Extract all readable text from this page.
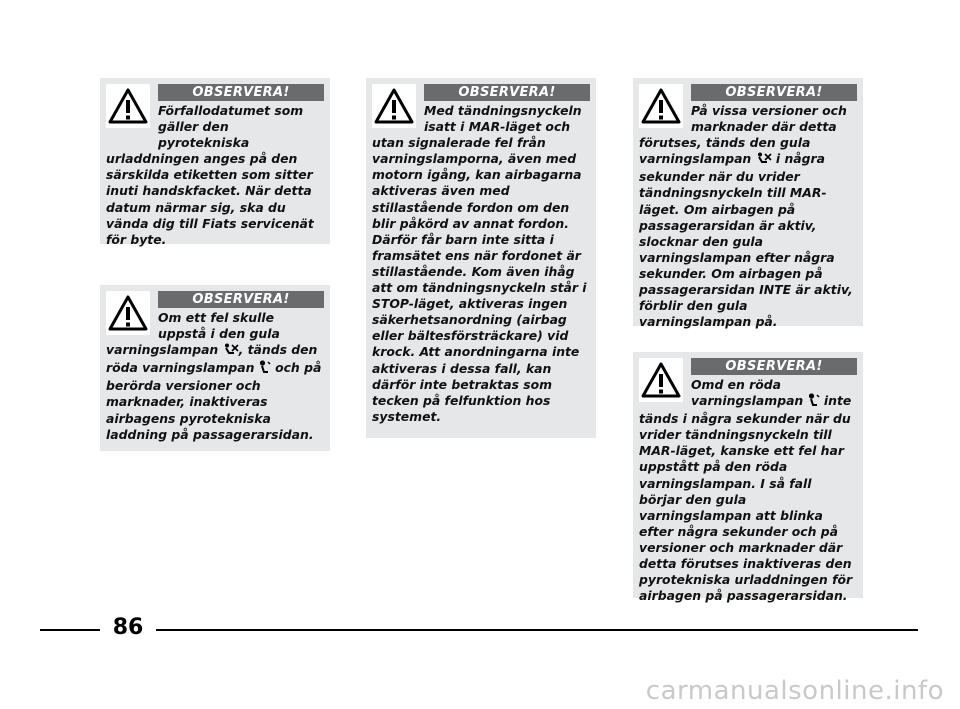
OBSERVERA!

Förfallodatumet som gäller den pyrotekniska

urladdningen anges på den särskilda etiketten som sitter inuti handskfacket. När detta datum närmar sig, ska du vända dig till Fiats servicenät för byte.

OBSERVERA!

Om ett fel skulle uppstå i den gula

varningslampan , tänds den röda varningslampan och på berörda versioner och marknader, inaktiveras airbagens pyrotekniska laddning på passagerarsidan.

OBSERVERA!

Med tändningsnyckeln isatt i MAR-läget och

utan signalerade fel från varningslamporna, även med motorn igång, kan airbagarna aktiveras även med stillastående fordon om den blir påkörd av annat fordon. Därför får barn inte sitta i framsätet ens när fordonet är stillastående. Kom även ihåg att om tändningsnyckeln står i STOP-läget, aktiveras ingen säkerhetsanordning (airbag eller bältesförsträckare) vid krock. Att anordningarna inte aktiveras i dessa fall, kan därför inte betraktas som tecken på felfunktion hos systemet.

OBSERVERA!

På vissa versioner och marknader där detta

förutses, tänds den gula varningslampan i några sekunder när du vrider tändningsnyckeln till MAR-läget. Om airbagen på passagerarsidan är aktiv, slocknar den gula varningslampan efter några sekunder. Om airbagen på passagerarsidan INTE är aktiv, förblir den gula varningslampan på.

OBSERVERA!

Omd en röda varningslampan inte

tänds i några sekunder när du vrider tändningsnyckeln till MAR-läget, kanske ett fel har uppstått på den röda varningslampan. I så fall börjar den gula varningslampan att blinka efter några sekunder och på versioner och marknader där detta förutses inaktiveras den pyrotekniska urladdningen för airbagen på passagerarsidan.

86
carmanualsonline.info
